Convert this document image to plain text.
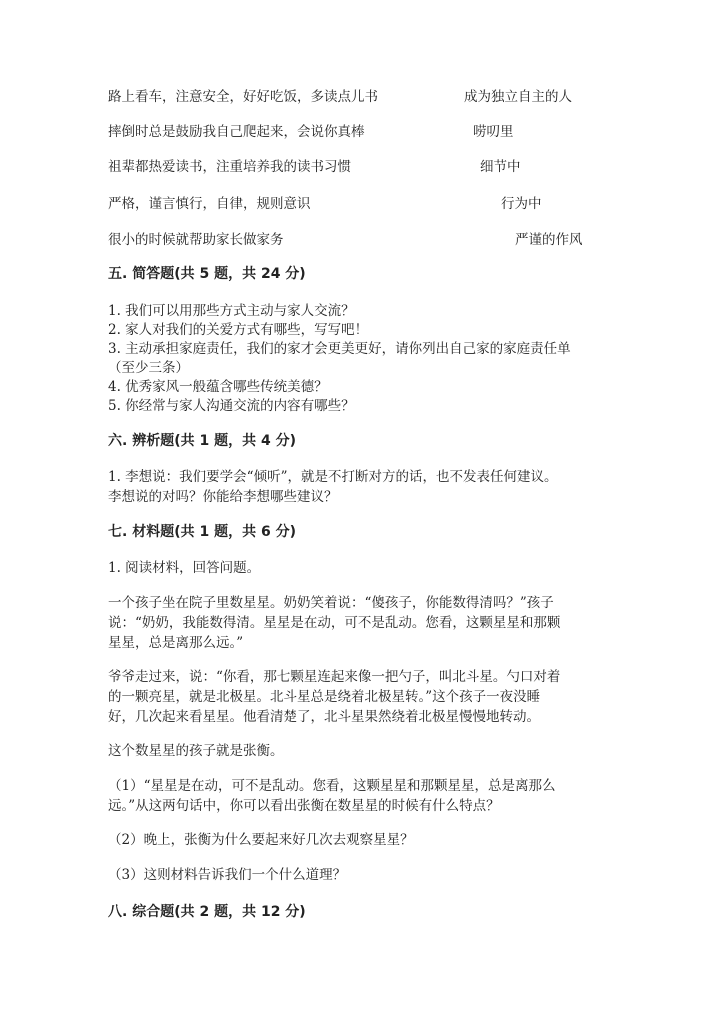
路上看车，注意安全，好好吃饭，多读点儿书	成为独立自主的人
摔倒时总是鼓励我自己爬起来，会说你真棒	唠叨里
祖辈都热爱读书，注重培养我的读书习惯	细节中
严格，谨言慎行，自律，规则意识	行为中
很小的时候就帮助家长做家务	严谨的作风
五. 简答题(共 5 题，共 24 分)
1. 我们可以用那些方式主动与家人交流？
2. 家人对我们的关爱方式有哪些，写写吧！
3. 主动承担家庭责任，我们的家才会更美更好，请你列出自己家的家庭责任单
（至少三条）
4. 优秀家风一般蕴含哪些传统美德？
5. 你经常与家人沟通交流的内容有哪些？
六. 辨析题(共 1 题，共 4 分)
1. 李想说：我们要学会“倾听”，就是不打断对方的话，也不发表任何建议。
李想说的对吗？你能给李想哪些建议？
七. 材料题(共 1 题，共 6 分)
1. 阅读材料，回答问题。
一个孩子坐在院子里数星星。奶奶笑着说：“傻孩子，你能数得清吗？”孩子
说：“奶奶，我能数得清。星星是在动，可不是乱动。您看，这颗星星和那颗
星星，总是离那么远。”
爷爷走过来，说：“你看，那七颗星连起来像一把勺子，叫北斗星。勺口对着
的一颗亮星，就是北极星。北斗星总是绕着北极星转。”这个孩子一夜没睡
好，几次起来看星星。他看清楚了，北斗星果然绕着北极星慢慢地转动。
这个数星星的孩子就是张衡。
（1）“星星是在动，可不是乱动。您看，这颗星星和那颗星星，总是离那么
远。”从这两句话中，你可以看出张衡在数星星的时候有什么特点？
（2）晚上，张衡为什么要起来好几次去观察星星？
（3）这则材料告诉我们一个什么道理？
八. 综合题(共 2 题，共 12 分)
